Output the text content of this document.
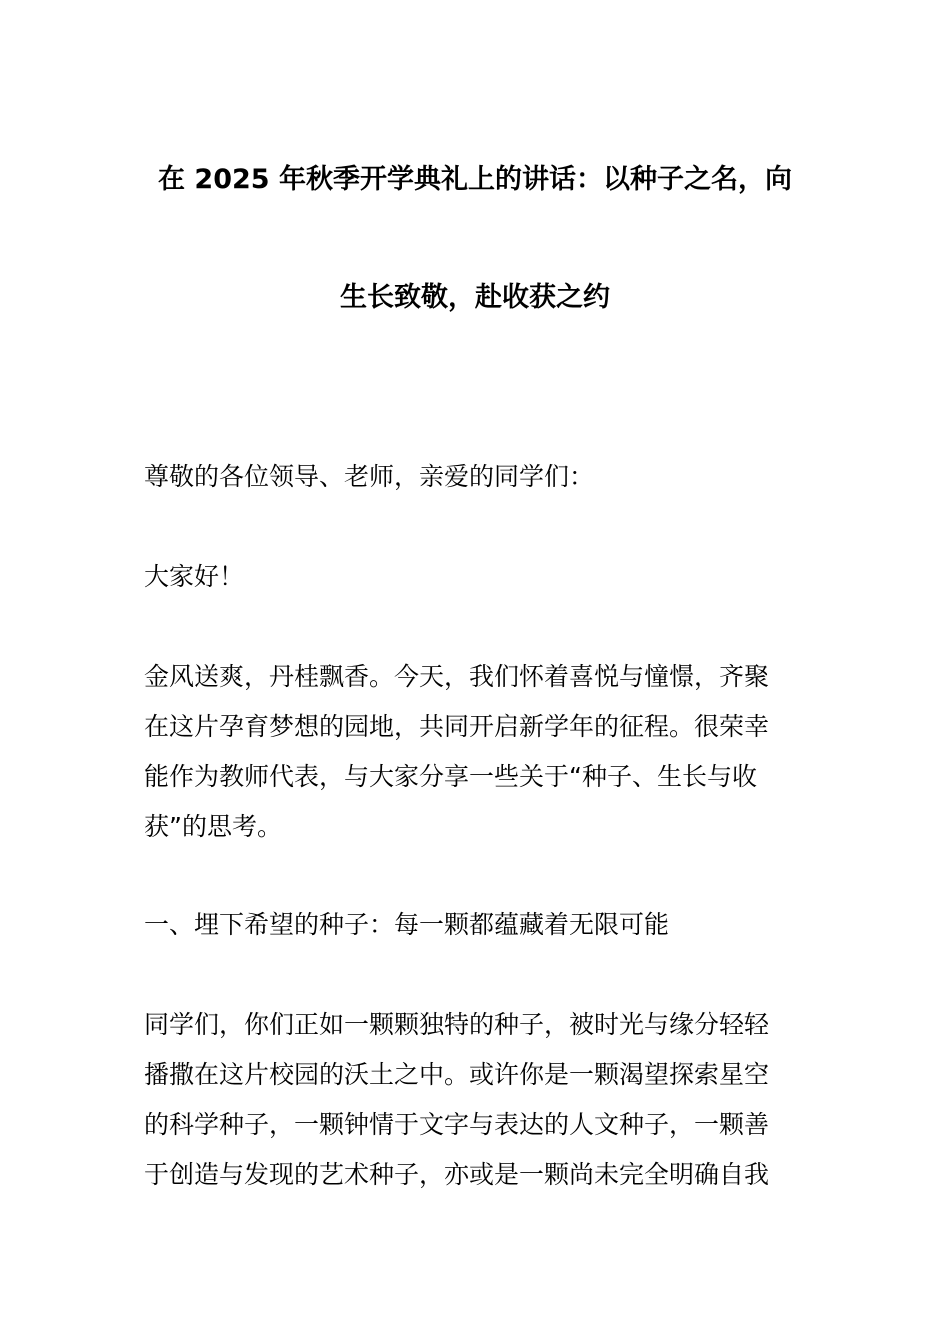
在 2025 年秋季开学典礼上的讲话：以种子之名，向
生长致敬，赴收获之约

尊敬的各位领导、老师，亲爱的同学们：

大家好！

金风送爽，丹桂飘香。今天，我们怀着喜悦与憧憬，齐聚
在这片孕育梦想的园地，共同开启新学年的征程。很荣幸
能作为教师代表，与大家分享一些关于“种子、生长与收
获”的思考。

一、埋下希望的种子：每一颗都蕴藏着无限可能

同学们，你们正如一颗颗独特的种子，被时光与缘分轻轻
播撒在这片校园的沃土之中。或许你是一颗渴望探索星空
的科学种子，一颗钟情于文字与表达的人文种子，一颗善
于创造与发现的艺术种子，亦或是一颗尚未完全明确自我
